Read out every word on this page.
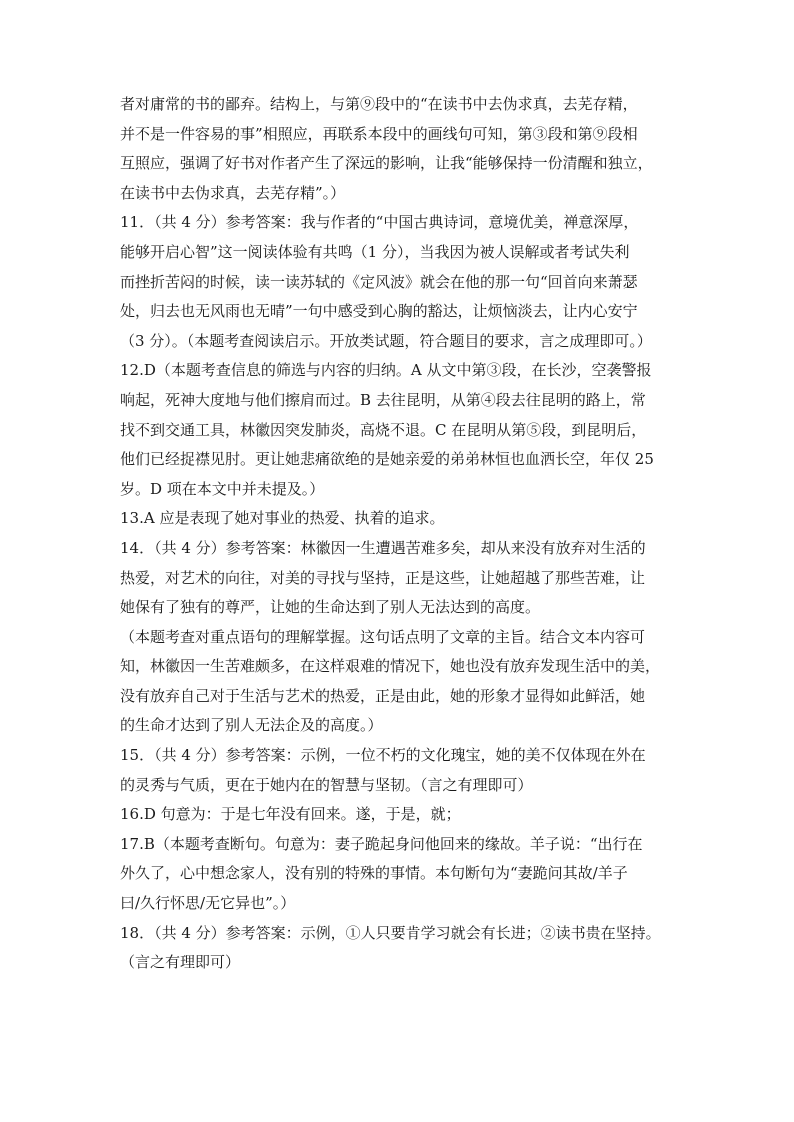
者对庸常的书的鄙弃。结构上，与第⑨段中的“在读书中去伪求真，去芜存精，
并不是一件容易的事”相照应，再联系本段中的画线句可知，第③段和第⑨段相
互照应，强调了好书对作者产生了深远的影响，让我“能够保持一份清醒和独立，
在读书中去伪求真，去芜存精”。）
11．（共 4 分）参考答案：我与作者的“中国古典诗词，意境优美，禅意深厚，
能够开启心智”这一阅读体验有共鸣（1 分），当我因为被人误解或者考试失利
而挫折苦闷的时候，读一读苏轼的《定风波》就会在他的那一句“回首向来萧瑟
处，归去也无风雨也无晴”一句中感受到心胸的豁达，让烦恼淡去，让内心安宁
（3 分）。（本题考查阅读启示。开放类试题，符合题目的要求，言之成理即可。）
12.D（本题考查信息的筛选与内容的归纳。A 从文中第③段，在长沙，空袭警报
响起，死神大度地与他们擦肩而过。B 去往昆明，从第④段去往昆明的路上，常
找不到交通工具，林徽因突发肺炎，高烧不退。C 在昆明从第⑤段，到昆明后，
他们已经捉襟见肘。更让她悲痛欲绝的是她亲爱的弟弟林恒也血洒长空，年仅 25
岁。D 项在本文中并未提及。）
13.A 应是表现了她对事业的热爱、执着的追求。
14．（共 4 分）参考答案：林徽因一生遭遇苦难多矣，却从来没有放弃对生活的
热爱，对艺术的向往，对美的寻找与坚持，正是这些，让她超越了那些苦难，让
她保有了独有的尊严，让她的生命达到了别人无法达到的高度。
（本题考查对重点语句的理解掌握。这句话点明了文章的主旨。结合文本内容可
知，林徽因一生苦难颇多，在这样艰难的情况下，她也没有放弃发现生活中的美，
没有放弃自己对于生活与艺术的热爱，正是由此，她的形象才显得如此鲜活，她
的生命才达到了别人无法企及的高度。）
15．（共 4 分）参考答案：示例，一位不朽的文化瑰宝，她的美不仅体现在外在
的灵秀与气质，更在于她内在的智慧与坚韧。（言之有理即可）
16.D 句意为：于是七年没有回来。遂，于是，就；
17.B（本题考查断句。句意为：妻子跪起身问他回来的缘故。羊子说：“出行在
外久了，心中想念家人，没有别的特殊的事情。本句断句为“妻跪问其故/羊子
曰/久行怀思/无它异也”。）
18．（共 4 分）参考答案：示例，①人只要肯学习就会有长进；②读书贵在坚持。
（言之有理即可）
